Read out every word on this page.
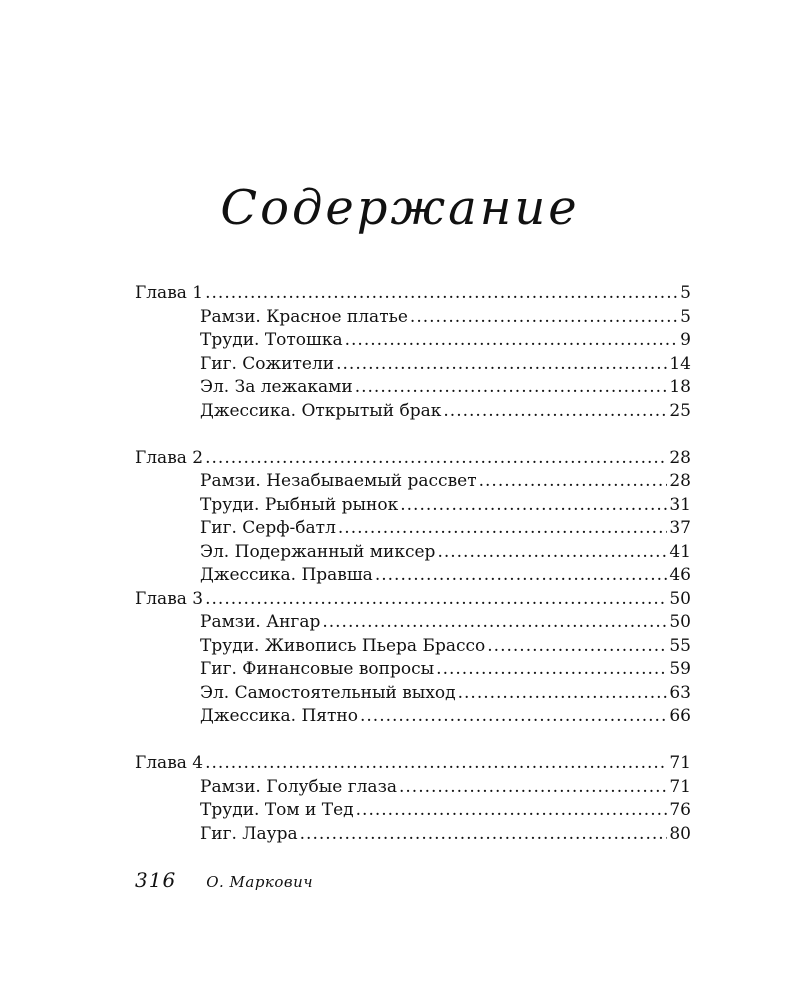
Содержание
Глава 1 .....	5
Рамзи. Красное платье .....	5
Труди. Тотошка .....	9
Гиг. Сожители .....	14
Эл. За лежаками .....	18
Джессика. Открытый брак .....	25
Глава 2 .....	28
Рамзи. Незабываемый рассвет .....	28
Труди. Рыбный рынок .....	31
Гиг. Серф-батл .....	37
Эл. Подержанный миксер .....	41
Джессика. Правша .....	46
Глава 3 .....	50
Рамзи. Ангар .....	50
Труди. Живопись Пьера Брассо .....	55
Гиг. Финансовые вопросы .....	59
Эл. Самостоятельный выход .....	63
Джессика. Пятно .....	66
Глава 4 .....	71
Рамзи. Голубые глаза .....	71
Труди. Том и Тед .....	76
Гиг. Лаура .....	80
316 О. Маркович
